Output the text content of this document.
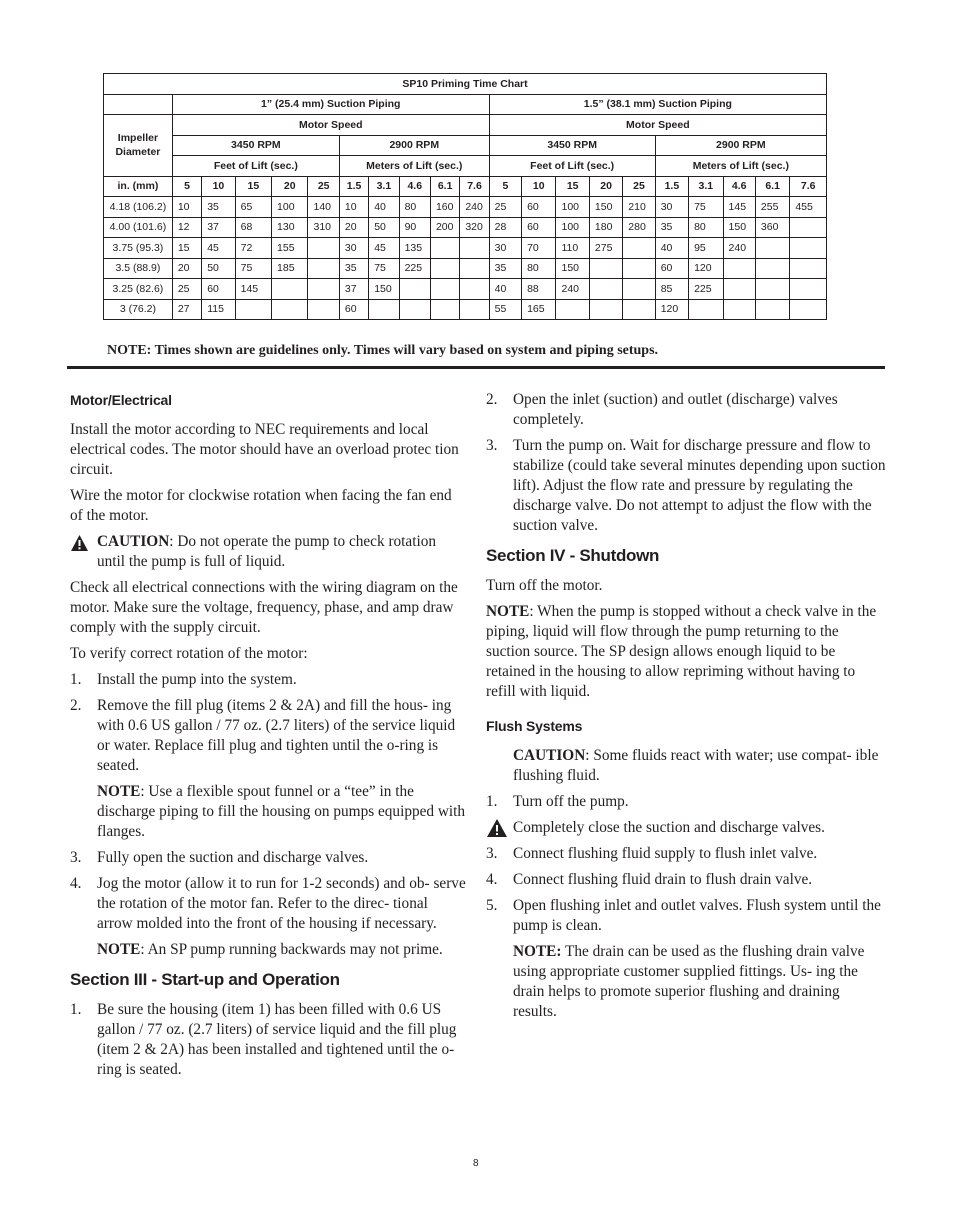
SP10 Priming Time Chart																				
	1” (25.4 mm) Suction Piping										1.5” (38.1 mm) Suction Piping									
Impeller Diameter	Motor Speed										Motor Speed									
	3450 RPM					2900 RPM					3450 RPM					2900 RPM				
	Feet of Lift (sec.)					Meters of Lift (sec.)					Feet of Lift (sec.)					Meters of Lift (sec.)				
in. (mm)	5	10	15	20	25	1.5	3.1	4.6	6.1	7.6	5	10	15	20	25	1.5	3.1	4.6	6.1	7.6
4.18 (106.2)	10	35	65	100	140	10	40	80	160	240	25	60	100	150	210	30	75	145	255	455
4.00 (101.6)	12	37	68	130	310	20	50	90	200	320	28	60	100	180	280	35	80	150	360	
3.75 (95.3)	15	45	72	155		30	45	135			30	70	110	275		40	95	240		
3.5 (88.9)	20	50	75	185		35	75	225			35	80	150			60	120			
3.25 (82.6)	25	60	145			37	150				40	88	240			85	225			
3 (76.2)	27	115				60					55	165				120				
NOTE: Times shown are guidelines only. Times will vary based on system and piping setups.
Motor/Electrical

Install the motor according to NEC requirements and local electrical codes. The motor should have an overload protec tion circuit.

Wire the motor for clockwise rotation when facing the fan end of the motor.

CAUTION: Do not operate the pump to check rotation until the pump is full of liquid.

Check all electrical connections with the wiring diagram on the motor. Make sure the voltage, frequency, phase, and amp draw comply with the supply circuit.

To verify correct rotation of the motor:

1. Install the pump into the system.
2. Remove the fill plug (items 2 & 2A) and fill the hous- ing with 0.6 US gallon / 77 oz. (2.7 liters) of the service liquid or water. Replace fill plug and tighten until the o-ring is seated.
NOTE: Use a flexible spout funnel or a “tee” in the discharge piping to fill the housing on pumps equipped with flanges.
3. Fully open the suction and discharge valves.
4. Jog the motor (allow it to run for 1-2 seconds) and ob- serve the rotation of the motor fan. Refer to the direc- tional arrow molded into the front of the housing if necessary.
NOTE: An SP pump running backwards may not prime.
Section III - Start-up and Operation
1. Be sure the housing (item 1) has been filled with 0.6 US gallon / 77 oz. (2.7 liters) of service liquid and the fill plug (item 2 & 2A) has been installed and tightened until the o-ring is seated.
2. Open the inlet (suction) and outlet (discharge) valves completely.
3. Turn the pump on. Wait for discharge pressure and flow to stabilize (could take several minutes depending upon suction lift). Adjust the flow rate and pressure by regulating the discharge valve. Do not attempt to adjust the flow with the suction valve.
Section IV - Shutdown

Turn off the motor.

NOTE: When the pump is stopped without a check valve in the piping, liquid will flow through the pump returning to the suction source. The SP design allows enough liquid to be retained in the housing to allow repriming without having to refill with liquid.

Flush Systems
CAUTION: Some fluids react with water; use compat- ible flushing fluid.
1. Turn off the pump.
Completely close the suction and discharge valves.
3. Connect flushing fluid supply to flush inlet valve.
4. Connect flushing fluid drain to flush drain valve.
5. Open flushing inlet and outlet valves. Flush system until the pump is clean.
NOTE: The drain can be used as the flushing drain valve using appropriate customer supplied fittings. Us- ing the drain helps to promote superior flushing and draining results.
8
